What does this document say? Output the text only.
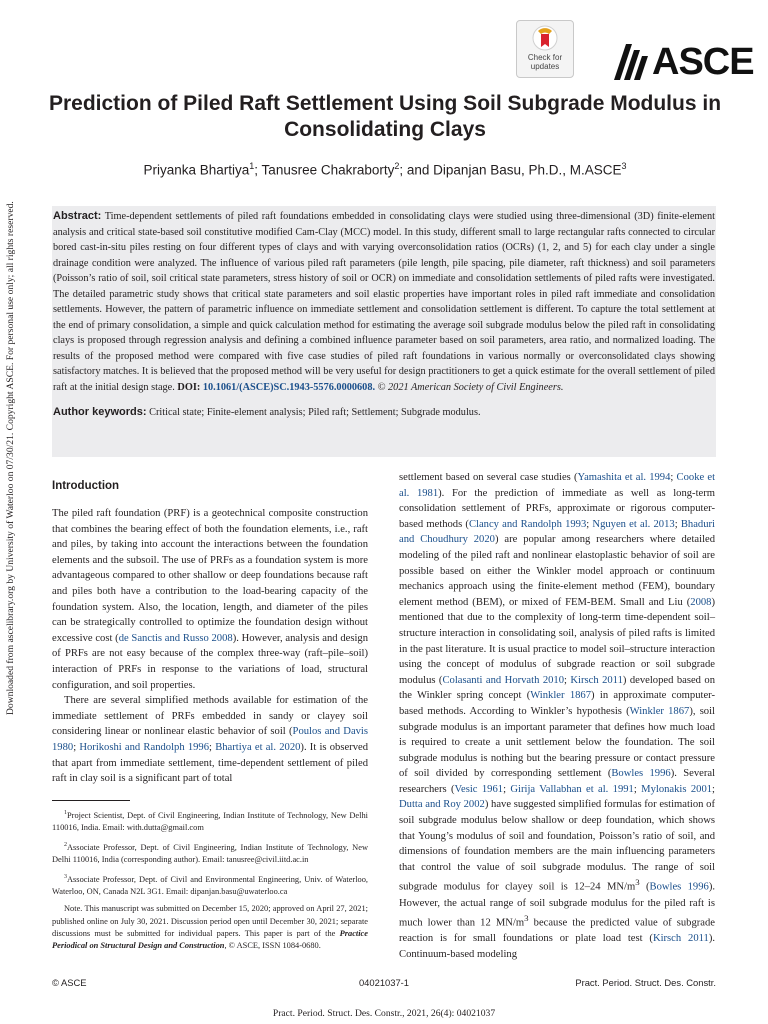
Downloaded from ascelibrary.org by University of Waterloo on 07/30/21. Copyright ASCE. For personal use only; all rights reserved.
Check for
updates	ASCE
Prediction of Piled Raft Settlement Using Soil Subgrade Modulus in Consolidating Clays
Priyanka Bhartiya$^1$; Tanusree Chakraborty$^2$; and Dipanjan Basu, Ph.D., M.ASCE$^3$

Abstract: Time-dependent settlements of piled raft foundations embedded in consolidating clays were studied using three-dimensional (3D) finite-element analysis and critical state-based soil constitutive modified Cam-Clay (MCC) model. In this study, different small to large rectangular rafts connected to circular bored cast-in-situ piles resting on four different types of clays and with varying overconsolidation ratios (OCRs) (1, 2, and 5) for each clay under a single drainage condition were analyzed. The influence of various piled raft parameters (pile length, pile spacing, pile diameter, raft thickness) and soil parameters (Poisson’s ratio of soil, soil critical state parameters, stress history of soil or OCR) on immediate and consolidation settlements of piled rafts were investigated. The detailed parametric study shows that critical state parameters and soil elastic properties have important roles in piled raft immediate and consolidation settlements. However, the pattern of parametric influence on immediate settlement and consolidation settlement is different. To capture the total settlement at the end of primary consolidation, a simple and quick calculation method for estimating the average soil subgrade modulus below the piled raft in consolidating clays is proposed through regression analysis and defining a combined influence parameter based on soil parameters, area ratio, and normalized loading. The results of the proposed method were compared with five case studies of piled raft foundations in various normally or overconsolidated clays showing satisfactory matches. It is believed that the proposed method will be very useful for design practitioners to get a quick estimate for the overall settlement of piled raft at the initial design stage. DOI: 10.1061/(ASCE)SC.1943-5576.0000608. © 2021 American Society of Civil Engineers.

Author keywords: Critical state; Finite-element analysis; Piled raft; Settlement; Subgrade modulus.

Introduction

The piled raft foundation (PRF) is a geotechnical composite construction that combines the bearing effect of both the foundation elements, i.e., raft and piles, by taking into account the interactions between the foundation elements and the subsoil. The use of PRFs as a foundation system is more advantageous compared to other shallow or deep foundations because raft and piles both have a contribution to the load-bearing capacity of the foundation system. Also, the location, length, and diameter of the piles can be strategically controlled to optimize the foundation design without excessive cost (de Sanctis and Russo 2008). However, analysis and design of PRFs are not easy because of the complex three-way (raft–pile–soil) interaction of PRFs in response to the variations of load, structural configuration, and soil properties.

There are several simplified methods available for estimation of the immediate settlement of PRFs embedded in sandy or clayey soil considering linear or nonlinear elastic behavior of soil (Poulos and Davis 1980; Horikoshi and Randolph 1996; Bhartiya et al. 2020). It is observed that apart from immediate settlement, time-dependent settlement of piled raft in clay soil is a significant part of total

$^1$Project Scientist, Dept. of Civil Engineering, Indian Institute of Technology, New Delhi 110016, India. Email: with.dutta@gmail.com

$^2$Associate Professor, Dept. of Civil Engineering, Indian Institute of Technology, New Delhi 110016, India (corresponding author). Email: tanusree@civil.iitd.ac.in

$^3$Associate Professor, Dept. of Civil and Environmental Engineering, Univ. of Waterloo, Waterloo, ON, Canada N2L 3G1. Email: dipanjan.basu@uwaterloo.ca

Note. This manuscript was submitted on December 15, 2020; approved on April 27, 2021; published online on July 30, 2021. Discussion period open until December 30, 2021; separate discussions must be submitted for individual papers. This paper is part of the Practice Periodical on Structural Design and Construction, © ASCE, ISSN 1084-0680.

settlement based on several case studies (Yamashita et al. 1994; Cooke et al. 1981). For the prediction of immediate as well as long-term consolidation settlement of PRFs, approximate or rigorous computer-based methods (Clancy and Randolph 1993; Nguyen et al. 2013; Bhaduri and Choudhury 2020) are popular among researchers where detailed modeling of the piled raft and nonlinear elastoplastic behavior of soil are possible based on either the Winkler model approach or continuum mechanics approach using the finite-element method (FEM), boundary element method (BEM), or mixed of FEM-BEM. Small and Liu (2008) mentioned that due to the complexity of long-term time-dependent soil–structure interaction in consolidating soil, analysis of piled rafts is limited in the past literature. It is usual practice to model soil–structure interaction using the concept of modulus of subgrade reaction or soil subgrade modulus (Colasanti and Horvath 2010; Kirsch 2011) developed based on the Winkler spring concept (Winkler 1867) in approximate computer-based methods. According to Winkler’s hypothesis (Winkler 1867), soil subgrade modulus is an important parameter that defines how much load is required to create a unit settlement below the foundation. The soil subgrade modulus is nothing but the bearing pressure or contact pressure of soil divided by corresponding settlement (Bowles 1996). Several researchers (Vesic 1961; Girija Vallabhan et al. 1991; Mylonakis 2001; Dutta and Roy 2002) have suggested simplified formulas for estimation of soil subgrade modulus below shallow or deep foundation, which shows that Young’s modulus of soil and foundation, Poisson’s ratio of soil, and dimensions of foundation members are the main influencing parameters that control the value of soil subgrade modulus. The range of soil subgrade modulus for clayey soil is 12–24 $MN/m^3$ (Bowles 1996). However, the actual range of soil subgrade modulus for the piled raft is much lower than 12 $MN/m^3$ because the predicted value of subgrade reaction is for small foundations or plate load test (Kirsch 2011). Continuum-based modeling

© ASCE	04021037-1	Pract. Period. Struct. Des. Constr.
Pract. Period. Struct. Des. Constr., 2021, 26(4): 04021037
